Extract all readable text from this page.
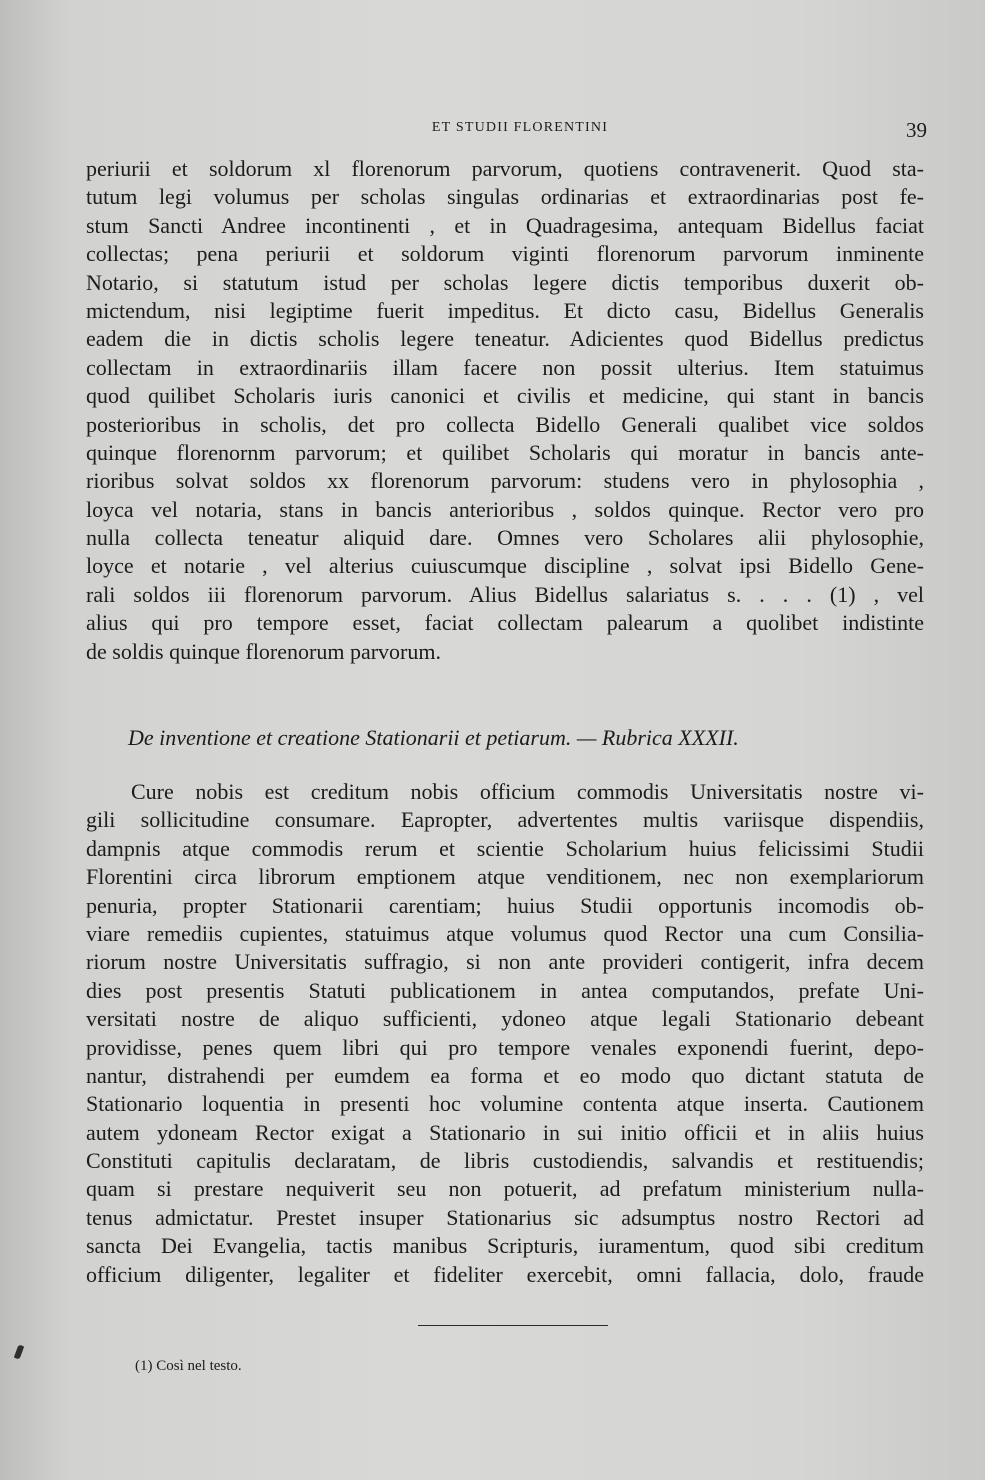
ET STUDII FLORENTINI	39
periurii et soldorum xl florenorum parvorum, quotiens contravenerit. Quod sta-
tutum legi volumus per scholas singulas ordinarias et extraordinarias post fe-
stum Sancti Andree incontinenti , et in Quadragesima, antequam Bidellus faciat
collectas; pena periurii et soldorum viginti florenorum parvorum inminente
Notario, si statutum istud per scholas legere dictis temporibus duxerit ob-
mictendum, nisi legiptime fuerit impeditus. Et dicto casu, Bidellus Generalis
eadem die in dictis scholis legere teneatur. Adicientes quod Bidellus predictus
collectam in extraordinariis illam facere non possit ulterius. Item statuimus
quod quilibet Scholaris iuris canonici et civilis et medicine, qui stant in bancis
posterioribus in scholis, det pro collecta Bidello Generali qualibet vice soldos
quinque florenornm parvorum; et quilibet Scholaris qui moratur in bancis ante-
rioribus solvat soldos xx florenorum parvorum: studens vero in phylosophia ,
loyca vel notaria, stans in bancis anterioribus , soldos quinque. Rector vero pro
nulla collecta teneatur aliquid dare. Omnes vero Scholares alii phylosophie,
loyce et notarie , vel alterius cuiuscumque discipline , solvat ipsi Bidello Gene-
rali soldos iii florenorum parvorum. Alius Bidellus salariatus s. . . . (1) , vel
alius qui pro tempore esset, faciat collectam palearum a quolibet indistinte
de soldis quinque florenorum parvorum.
De inventione et creatione Stationarii et petiarum. — Rubrica XXXII.
Cure nobis est creditum nobis officium commodis Universitatis nostre vi-
gili sollicitudine consumare. Eapropter, advertentes multis variisque dispendiis,
dampnis atque commodis rerum et scientie Scholarium huius felicissimi Studii
Florentini circa librorum emptionem atque venditionem, nec non exemplariorum
penuria, propter Stationarii carentiam; huius Studii opportunis incomodis ob-
viare remediis cupientes, statuimus atque volumus quod Rector una cum Consilia-
riorum nostre Universitatis suffragio, si non ante provideri contigerit, infra decem
dies post presentis Statuti publicationem in antea computandos, prefate Uni-
versitati nostre de aliquo sufficienti, ydoneo atque legali Stationario debeant
providisse, penes quem libri qui pro tempore venales exponendi fuerint, depo-
nantur, distrahendi per eumdem ea forma et eo modo quo dictant statuta de
Stationario loquentia in presenti hoc volumine contenta atque inserta. Cautionem
autem ydoneam Rector exigat a Stationario in sui initio officii et in aliis huius
Constituti capitulis declaratam, de libris custodiendis, salvandis et restituendis;
quam si prestare nequiverit seu non potuerit, ad prefatum ministerium nulla-
tenus admictatur. Prestet insuper Stationarius sic adsumptus nostro Rectori ad
sancta Dei Evangelia, tactis manibus Scripturis, iuramentum, quod sibi creditum
officium diligenter, legaliter et fideliter exercebit, omni fallacia, dolo, fraude
(1) Così nel testo.
